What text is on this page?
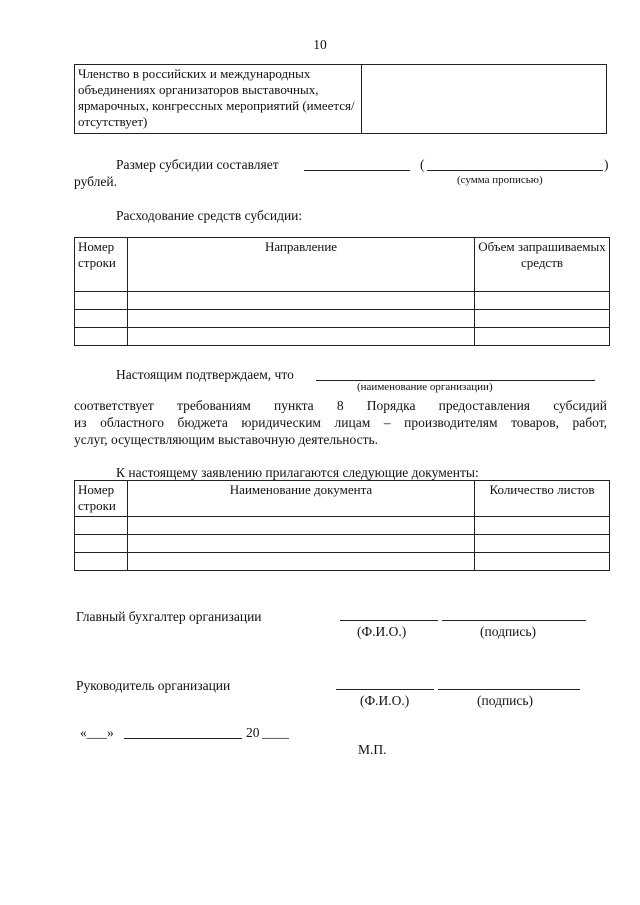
10
Членство в российских и международных объединениях организаторов выставочных, ярмарочных, конгрессных мероприятий (имеется/отсутствует)	
Размер субсидии составляет	(	)
рублей.	(сумма прописью)
Расходование средств субсидии:
Номер строки	Направление	Объем запрашиваемых средств

Настоящим подтверждаем, что
(наименование организации)
соответствует требованиям пункта 8 Порядка предоставления субсидий
из областного бюджета юридическим лицам – производителям товаров, работ,
услуг, осуществляющим выставочную деятельность.
К настоящему заявлению прилагаются следующие документы:
Номер строки	Наименование документа	Количество листов

Главный бухгалтер организации
(Ф.И.О.)	(подпись)
Руководитель организации
(Ф.И.О.)	(подпись)
«___»	20 ____
М.П.
